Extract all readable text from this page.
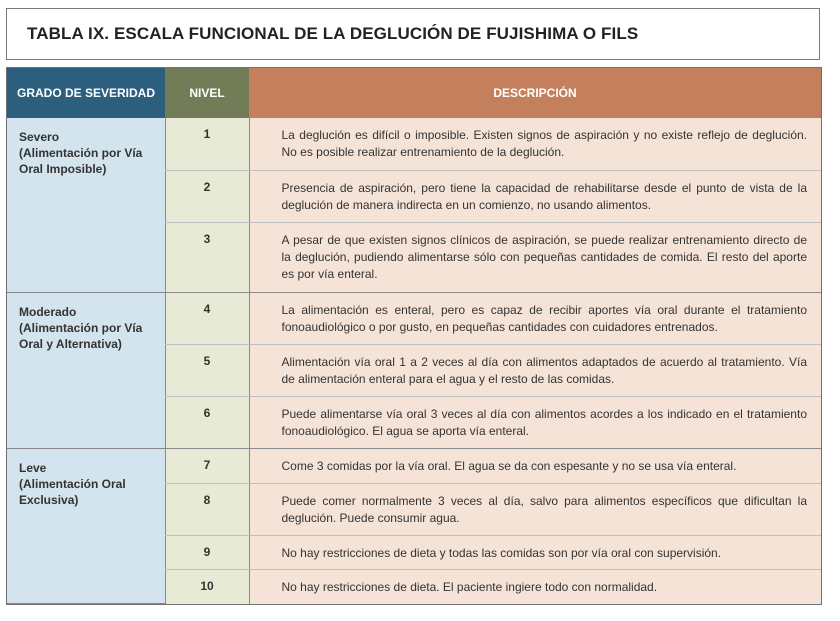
TABLA IX. ESCALA FUNCIONAL DE LA DEGLUCIÓN DE FUJISHIMA O FILS
GRADO DE SEVERIDAD	NIVEL	DESCRIPCIÓN
Severo
(Alimentación por Vía Oral Imposible)	1	La deglución es difícil o imposible. Existen signos de aspiración y no existe reflejo de deglución. No es posible realizar entrenamiento de la deglución.
	2	Presencia de aspiración, pero tiene la capacidad de rehabilitarse desde el punto de vista de la deglución de manera indirecta en un comienzo, no usando alimentos.
	3	A pesar de que existen signos clínicos de aspiración, se puede realizar entrenamiento directo de la deglución, pudiendo alimentarse sólo con pequeñas cantidades de comida. El resto del aporte es por vía enteral.
Moderado
(Alimentación por Vía Oral y Alternativa)	4	La alimentación es enteral, pero es capaz de recibir aportes vía oral durante el tratamiento fonoaudiológico o por gusto, en pequeñas cantidades con cuidadores entrenados.
	5	Alimentación vía oral 1 a 2 veces al día con alimentos adaptados de acuerdo al tratamiento. Vía de alimentación enteral para el agua y el resto de las comidas.
	6	Puede alimentarse vía oral 3 veces al día con alimentos acordes a los indicado en el tratamiento fonoaudiológico. El agua se aporta vía enteral.
Leve
(Alimentación Oral Exclusiva)	7	Come 3 comidas por la vía oral. El agua se da con espesante y no se usa vía enteral.
	8	Puede comer normalmente 3 veces al día, salvo para alimentos específicos que dificultan la deglución. Puede consumir agua.
	9	No hay restricciones de dieta y todas las comidas son por vía oral con supervisión.
	10	No hay restricciones de dieta. El paciente ingiere todo con normalidad.
